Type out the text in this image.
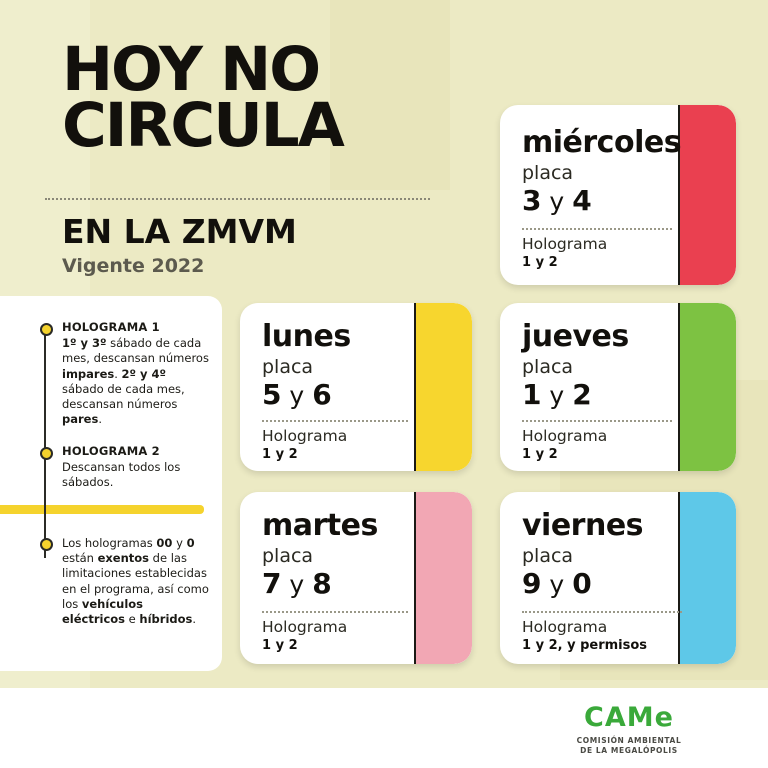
HOY NO
CIRCULA
EN LA ZMVM
Vigente 2022
HOLOGRAMA 1
1º y 3º sábado de cada mes, descansan números impares. 2º y 4º sábado de cada mes, descansan números pares.
HOLOGRAMA 2
Descansan todos los sábados.
Los hologramas 00 y 0 están exentos de las limitaciones establecidas en el programa, así como los vehículos eléctricos e híbridos.
miércoles
placa
3 y 4
Holograma
1 y 2
lunes
placa
5 y 6
Holograma
1 y 2
jueves
placa
1 y 2
Holograma
1 y 2
martes
placa
7 y 8
Holograma
1 y 2
viernes
placa
9 y 0
Holograma
1 y 2, y permisos
CAMe
COMISIÓN AMBIENTAL
DE LA MEGALÓPOLIS
